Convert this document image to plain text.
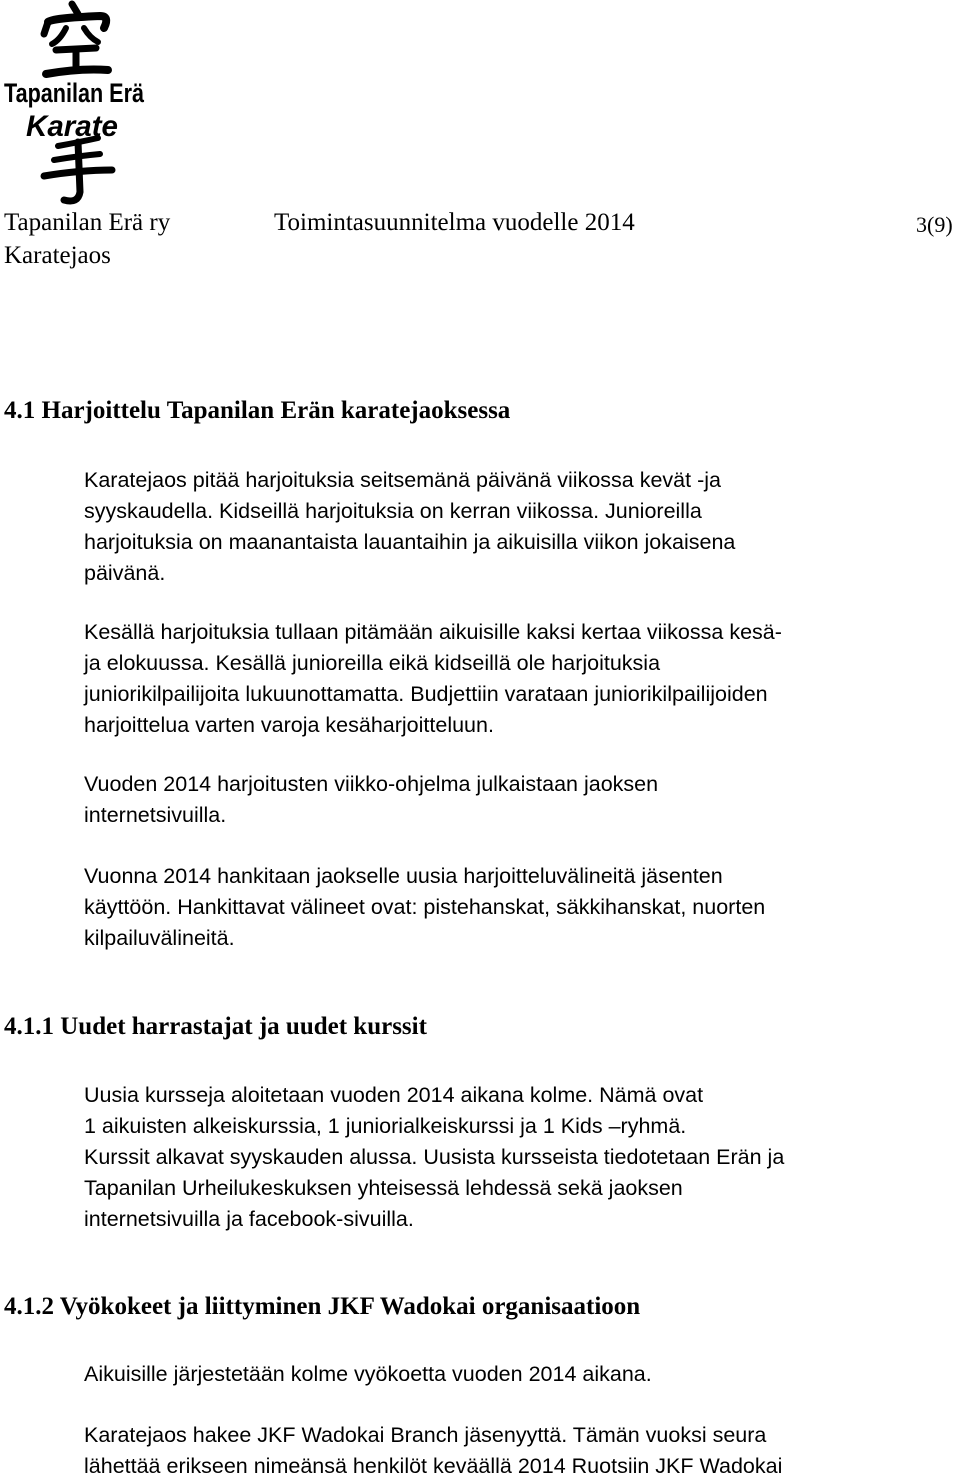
Tapanilan Erä
Karate
Tapanilan Erä ry	Toimintasuunnitelma vuodelle 2014	3(9)
Karatejaos
4.1 Harjoittelu Tapanilan Erän karatejaoksessa
Karatejaos pitää harjoituksia seitsemänä päivänä viikossa kevät -ja
syyskaudella. Kidseillä harjoituksia on kerran viikossa. Junioreilla
harjoituksia on maanantaista lauantaihin ja aikuisilla viikon jokaisena
päivänä.
Kesällä harjoituksia tullaan pitämään aikuisille kaksi kertaa viikossa kesä-
ja elokuussa. Kesällä junioreilla eikä kidseillä ole harjoituksia
juniorikilpailijoita lukuunottamatta. Budjettiin varataan juniorikilpailijoiden
harjoittelua varten varoja kesäharjoitteluun.
Vuoden 2014 harjoitusten viikko-ohjelma julkaistaan jaoksen
internetsivuilla.
Vuonna 2014 hankitaan jaokselle uusia harjoitteluvälineitä jäsenten
käyttöön. Hankittavat välineet ovat: pistehanskat, säkkihanskat, nuorten
kilpailuvälineitä.
4.1.1 Uudet harrastajat ja uudet kurssit
Uusia kursseja aloitetaan vuoden 2014 aikana kolme. Nämä ovat
1 aikuisten alkeiskurssia, 1 juniorialkeiskurssi ja 1 Kids –ryhmä.
Kurssit alkavat syyskauden alussa. Uusista kursseista tiedotetaan Erän ja
Tapanilan Urheilukeskuksen yhteisessä lehdessä sekä jaoksen
internetsivuilla ja facebook-sivuilla.
4.1.2 Vyökokeet ja liittyminen JKF Wadokai organisaatioon
Aikuisille järjestetään kolme vyökoetta vuoden 2014 aikana.
Karatejaos hakee JKF Wadokai Branch jäsenyyttä. Tämän vuoksi seura
lähettää erikseen nimeänsä henkilöt keväällä 2014 Ruotsiin JKF Wadokai
